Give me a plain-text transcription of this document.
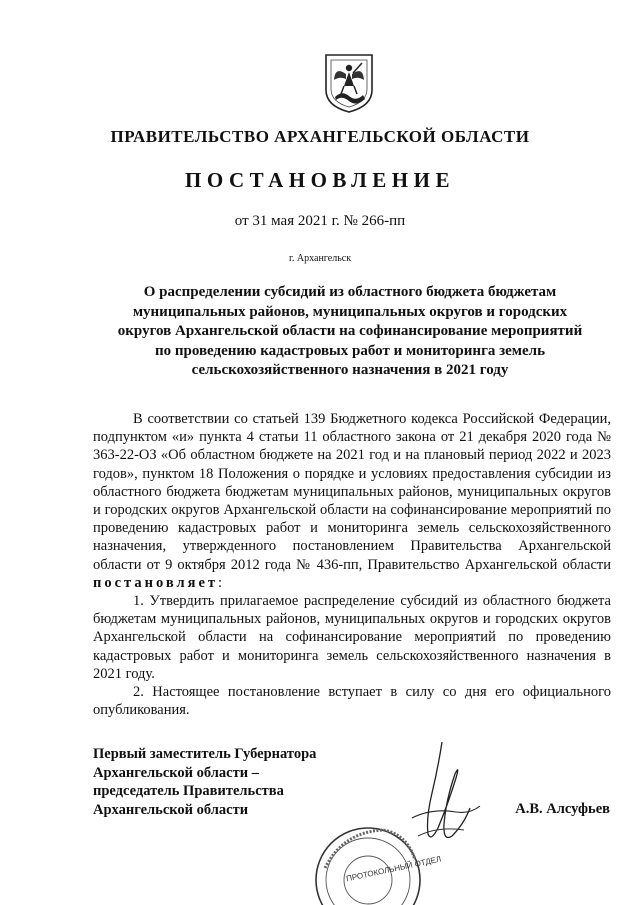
ПРАВИТЕЛЬСТВО АРХАНГЕЛЬСКОЙ ОБЛАСТИ
ПОСТАНОВЛЕНИЕ
от 31 мая 2021 г. № 266-пп
г. Архангельск
О распределении субсидий из областного бюджета бюджетам
муниципальных районов, муниципальных округов и городских
округов Архангельской области на софинансирование мероприятий
по проведению кадастровых работ и мониторинга земель
сельскохозяйственного назначения в 2021 году

В соответствии со статьей 139 Бюджетного кодекса Российской Федерации, подпунктом «и» пункта 4 статьи 11 областного закона от 21 декабря 2020 года № 363-22-ОЗ «Об областном бюджете на 2021 год и на плановый период 2022 и 2023 годов», пунктом 18 Положения о порядке и условиях предоставления субсидии из областного бюджета бюджетам муниципальных районов, муниципальных округов и городских округов Архангельской области на софинансирование мероприятий по проведению кадастровых работ и мониторинга земель сельскохозяйственного назначения, утвержденного постановлением Правительства Архангельской области от 9 октября 2012 года № 436-пп, Правительство Архангельской области постановляет:

1. Утвердить прилагаемое распределение субсидий из областного бюджета бюджетам муниципальных районов, муниципальных округов и городских округов Архангельской области на софинансирование мероприятий по проведению кадастровых работ и мониторинга земель сельскохозяйственного назначения в 2021 году.

2. Настоящее постановление вступает в силу со дня его официального опубликования.

Первый заместитель Губернатора
Архангельской области –
председатель Правительства
Архангельской области	А.В. Алсуфьев
ПРОТОКОЛЬНЫЙ ОТДЕЛ
